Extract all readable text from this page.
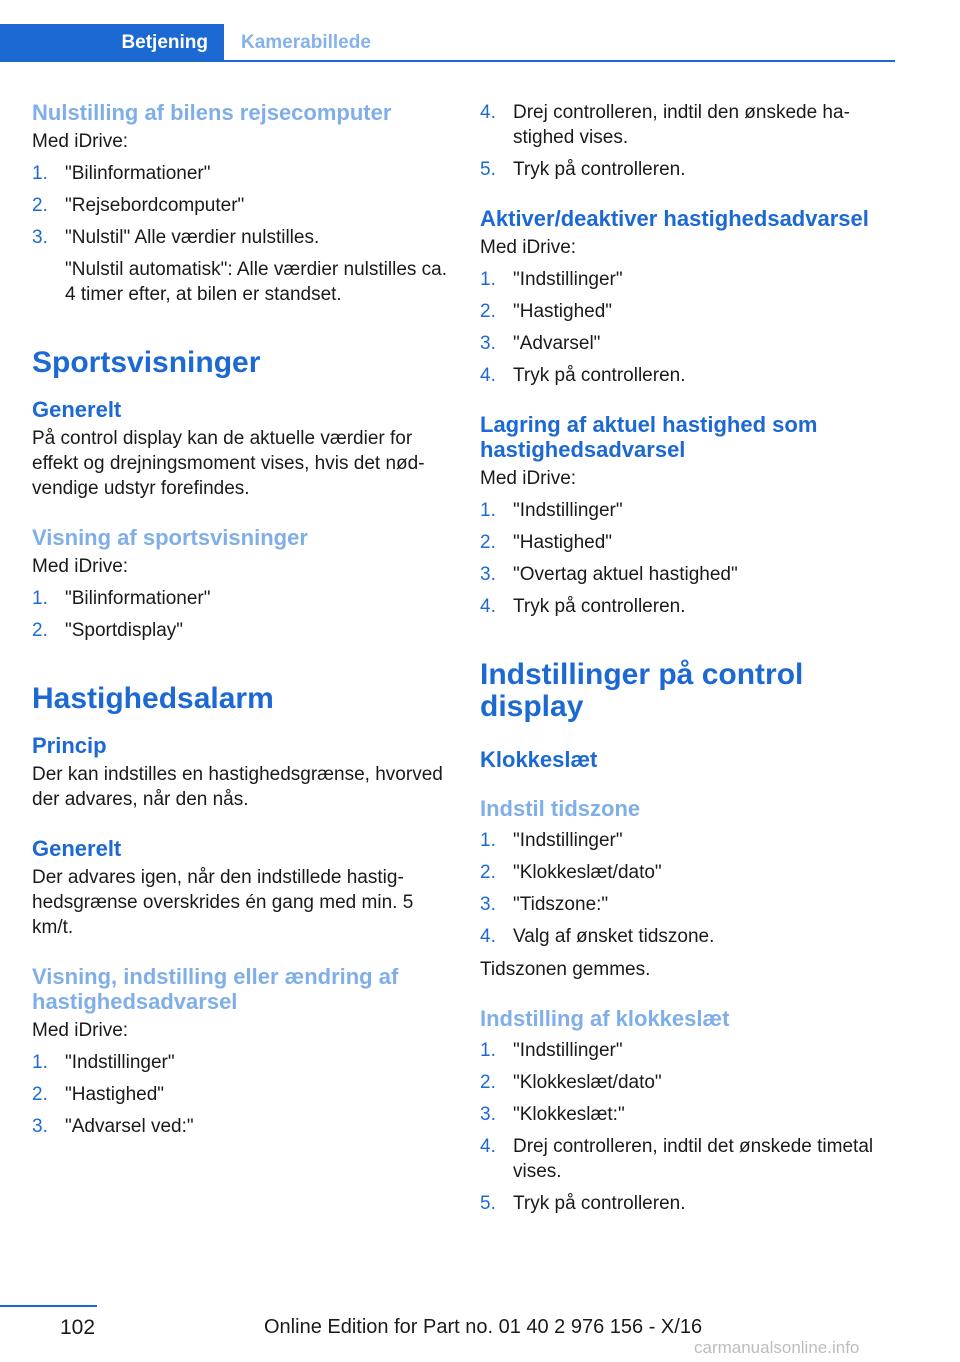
Betjening	Kamerabillede
Nulstilling af bilens rejsecomputer
Med iDrive:
1. "Bilinformationer"
2. "Rejsebordcomputer"
3. "Nulstil" Alle værdier nulstilles.
"Nulstil automatisk": Alle værdier nulstilles ca. 4 timer efter, at bilen er standset.
Sportsvisninger
Generelt
På control display kan de aktuelle værdier for effekt og drejningsmoment vises, hvis det nødvendige udstyr forefindes.
Visning af sportsvisninger
Med iDrive:
1. "Bilinformationer"
2. "Sportdisplay"
Hastighedsalarm
Princip
Der kan indstilles en hastighedsgrænse, hvorved der advares, når den nås.
Generelt
Der advares igen, når den indstillede hastighedsgrænse overskrides én gang med min. 5 km/t.
Visning, indstilling eller ændring af hastighedsadvarsel
Med iDrive:
1. "Indstillinger"
2. "Hastighed"
3. "Advarsel ved:"
4. Drej controlleren, indtil den ønskede hastighed vises.
5. Tryk på controlleren.
Aktiver/deaktiver hastighedsadvarsel
Med iDrive:
1. "Indstillinger"
2. "Hastighed"
3. "Advarsel"
4. Tryk på controlleren.
Lagring af aktuel hastighed som hastighedsadvarsel
Med iDrive:
1. "Indstillinger"
2. "Hastighed"
3. "Overtag aktuel hastighed"
4. Tryk på controlleren.
Indstillinger på control display
Klokkeslæt
Indstil tidszone
1. "Indstillinger"
2. "Klokkeslæt/dato"
3. "Tidszone:"
4. Valg af ønsket tidszone.
Tidszonen gemmes.
Indstilling af klokkeslæt
1. "Indstillinger"
2. "Klokkeslæt/dato"
3. "Klokkeslæt:"
4. Drej controlleren, indtil det ønskede timetal vises.
5. Tryk på controlleren.
102	Online Edition for Part no. 01 40 2 976 156 - X/16
carmanualsonline.info
